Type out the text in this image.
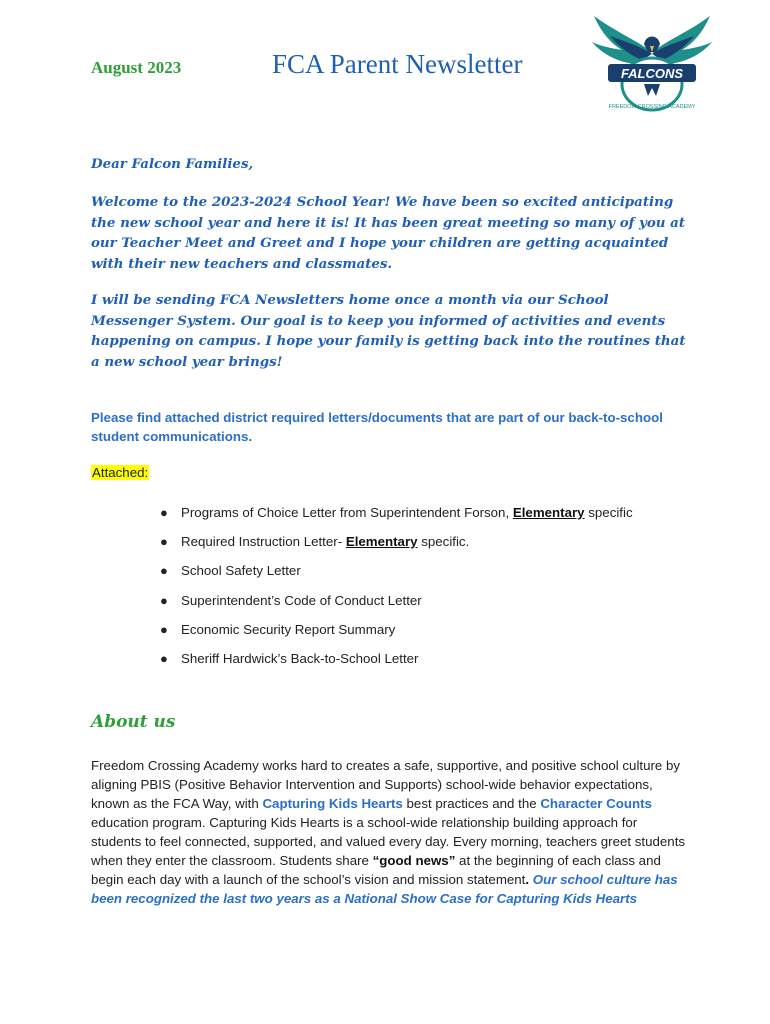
August 2023	FCA Parent Newsletter	FALCONS
FREEDOM CROSSING ACADEMY

Dear Falcon Families,

Welcome to the 2023-2024 School Year! We have been so excited anticipating the new school year and here it is! It has been great meeting so many of you at our Teacher Meet and Greet and I hope your children are getting acquainted with their new teachers and classmates.

I will be sending FCA Newsletters home once a month via our School Messenger System. Our goal is to keep you informed of activities and events happening on campus. I hope your family is getting back into the routines that a new school year brings!

Please find attached district required letters/documents that are part of our back-to-school student communications.

Attached:
● Programs of Choice Letter from Superintendent Forson, Elementary specific
● Required Instruction Letter- Elementary specific.
● School Safety Letter
● Superintendent’s Code of Conduct Letter
● Economic Security Report Summary
● Sheriff Hardwick’s Back-to-School Letter
About us

Freedom Crossing Academy works hard to creates a safe, supportive, and positive school culture by aligning PBIS (Positive Behavior Intervention and Supports) school-wide behavior expectations, known as the FCA Way, with Capturing Kids Hearts best practices and the Character Counts education program. Capturing Kids Hearts is a school-wide relationship building approach for students to feel connected, supported, and valued every day. Every morning, teachers greet students when they enter the classroom. Students share “good news” at the beginning of each class and begin each day with a launch of the school’s vision and mission statement. Our school culture has been recognized the last two years as a National Show Case for Capturing Kids Hearts
